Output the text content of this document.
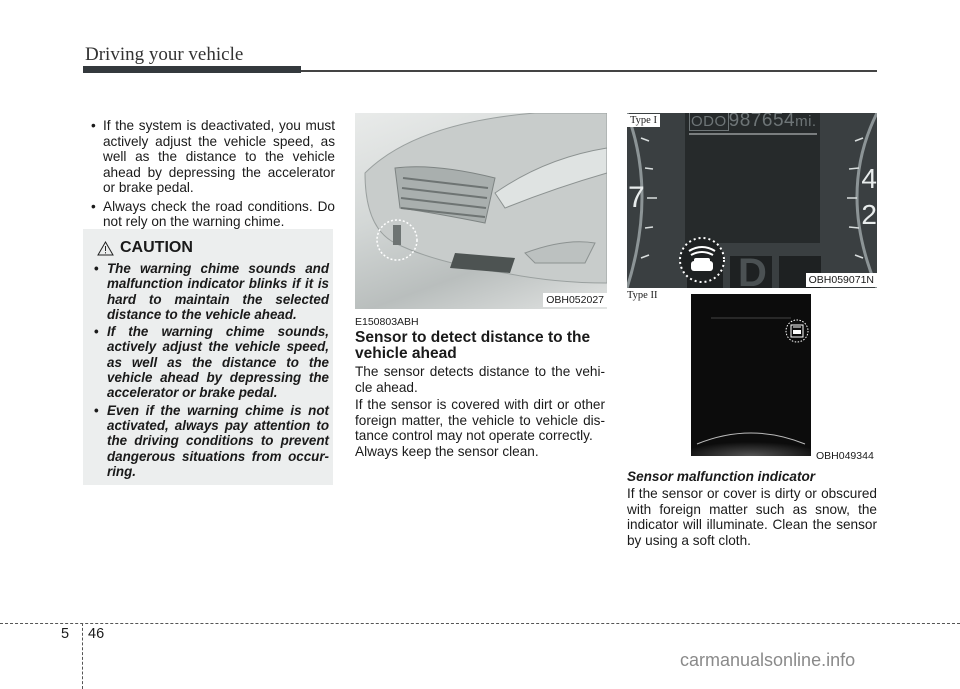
Driving your vehicle
• If the system is deactivated, you must actively adjust the vehicle speed, as well as the distance to the vehicle ahead by depressing the accelerator or brake pedal.
• Always check the road conditions. Do not rely on the warning chime.
CAUTION
• The warning chime sounds and malfunction indicator blinks if it is hard to maintain the selected distance to the vehicle ahead.
• If the warning chime sounds, actively adjust the vehicle speed, as well as the distance to the vehicle ahead by depressing the accelerator or brake pedal.
• Even if the warning chime is not activated, always pay attention to the driving conditions to prevent dangerous situations from occur-ring.
OBH052027
E150803ABH
Sensor to detect distance to the vehicle ahead
The sensor detects distance to the vehi-cle ahead.
If the sensor is covered with dirt or other foreign matter, the vehicle to vehicle dis-tance control may not operate correctly.
Always keep the sensor clean.
ODO 987654mi.
7
4
2
D
Type I
OBH059071N
Type II
OBH049344
Sensor malfunction indicator
If the sensor or cover is dirty or obscured with foreign matter such as snow, the indicator will illuminate. Clean the sensor by using a soft cloth.
5 46
carmanualsonline.info
